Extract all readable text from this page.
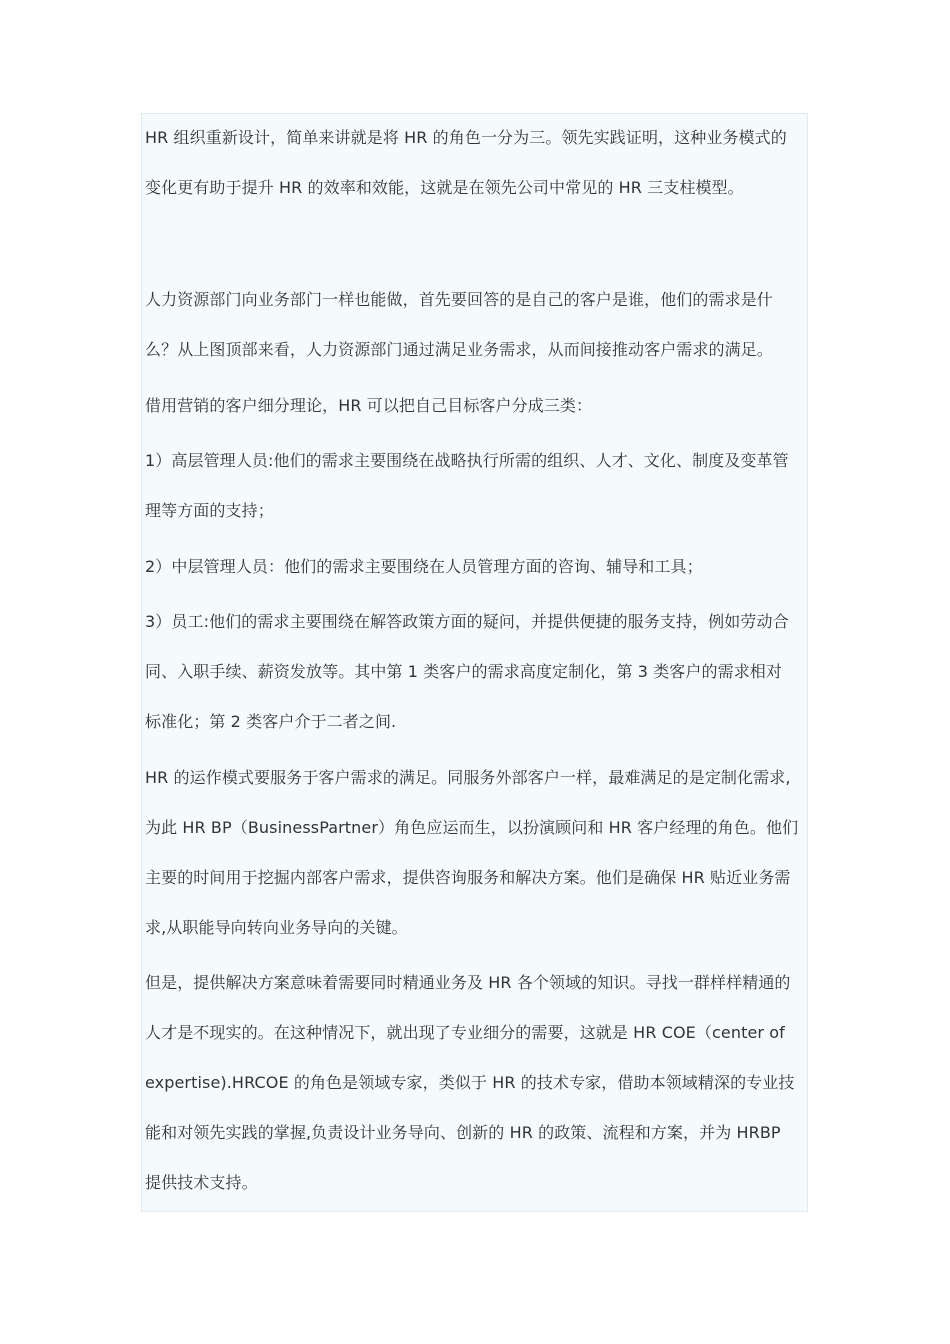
HR 组织重新设计，简单来讲就是将 HR 的角色一分为三。领先实践证明，这种业务模式的
变化更有助于提升 HR 的效率和效能，这就是在领先公司中常见的 HR 三支柱模型。
人力资源部门向业务部门一样也能做，首先要回答的是自己的客户是谁，他们的需求是什
么？从上图顶部来看，人力资源部门通过满足业务需求，从而间接推动客户需求的满足。
借用营销的客户细分理论，HR 可以把自己目标客户分成三类：
1）高层管理人员:他们的需求主要围绕在战略执行所需的组织、人才、文化、制度及变革管
理等方面的支持；
2）中层管理人员：他们的需求主要围绕在人员管理方面的咨询、辅导和工具；
3）员工:他们的需求主要围绕在解答政策方面的疑问，并提供便捷的服务支持，例如劳动合
同、入职手续、薪资发放等。其中第 1 类客户的需求高度定制化，第 3 类客户的需求相对
标准化；第 2 类客户介于二者之间.
HR 的运作模式要服务于客户需求的满足。同服务外部客户一样，最难满足的是定制化需求,
为此 HR BP（BusinessPartner）角色应运而生，以扮演顾问和 HR 客户经理的角色。他们
主要的时间用于挖掘内部客户需求，提供咨询服务和解决方案。他们是确保 HR 贴近业务需
求,从职能导向转向业务导向的关键。
但是，提供解决方案意味着需要同时精通业务及 HR 各个领域的知识。寻找一群样样精通的
人才是不现实的。在这种情况下，就出现了专业细分的需要，这就是 HR COE（center of
expertise).HRCOE 的角色是领域专家，类似于 HR 的技术专家，借助本领域精深的专业技
能和对领先实践的掌握,负责设计业务导向、创新的 HR 的政策、流程和方案，并为 HRBP
提供技术支持。
